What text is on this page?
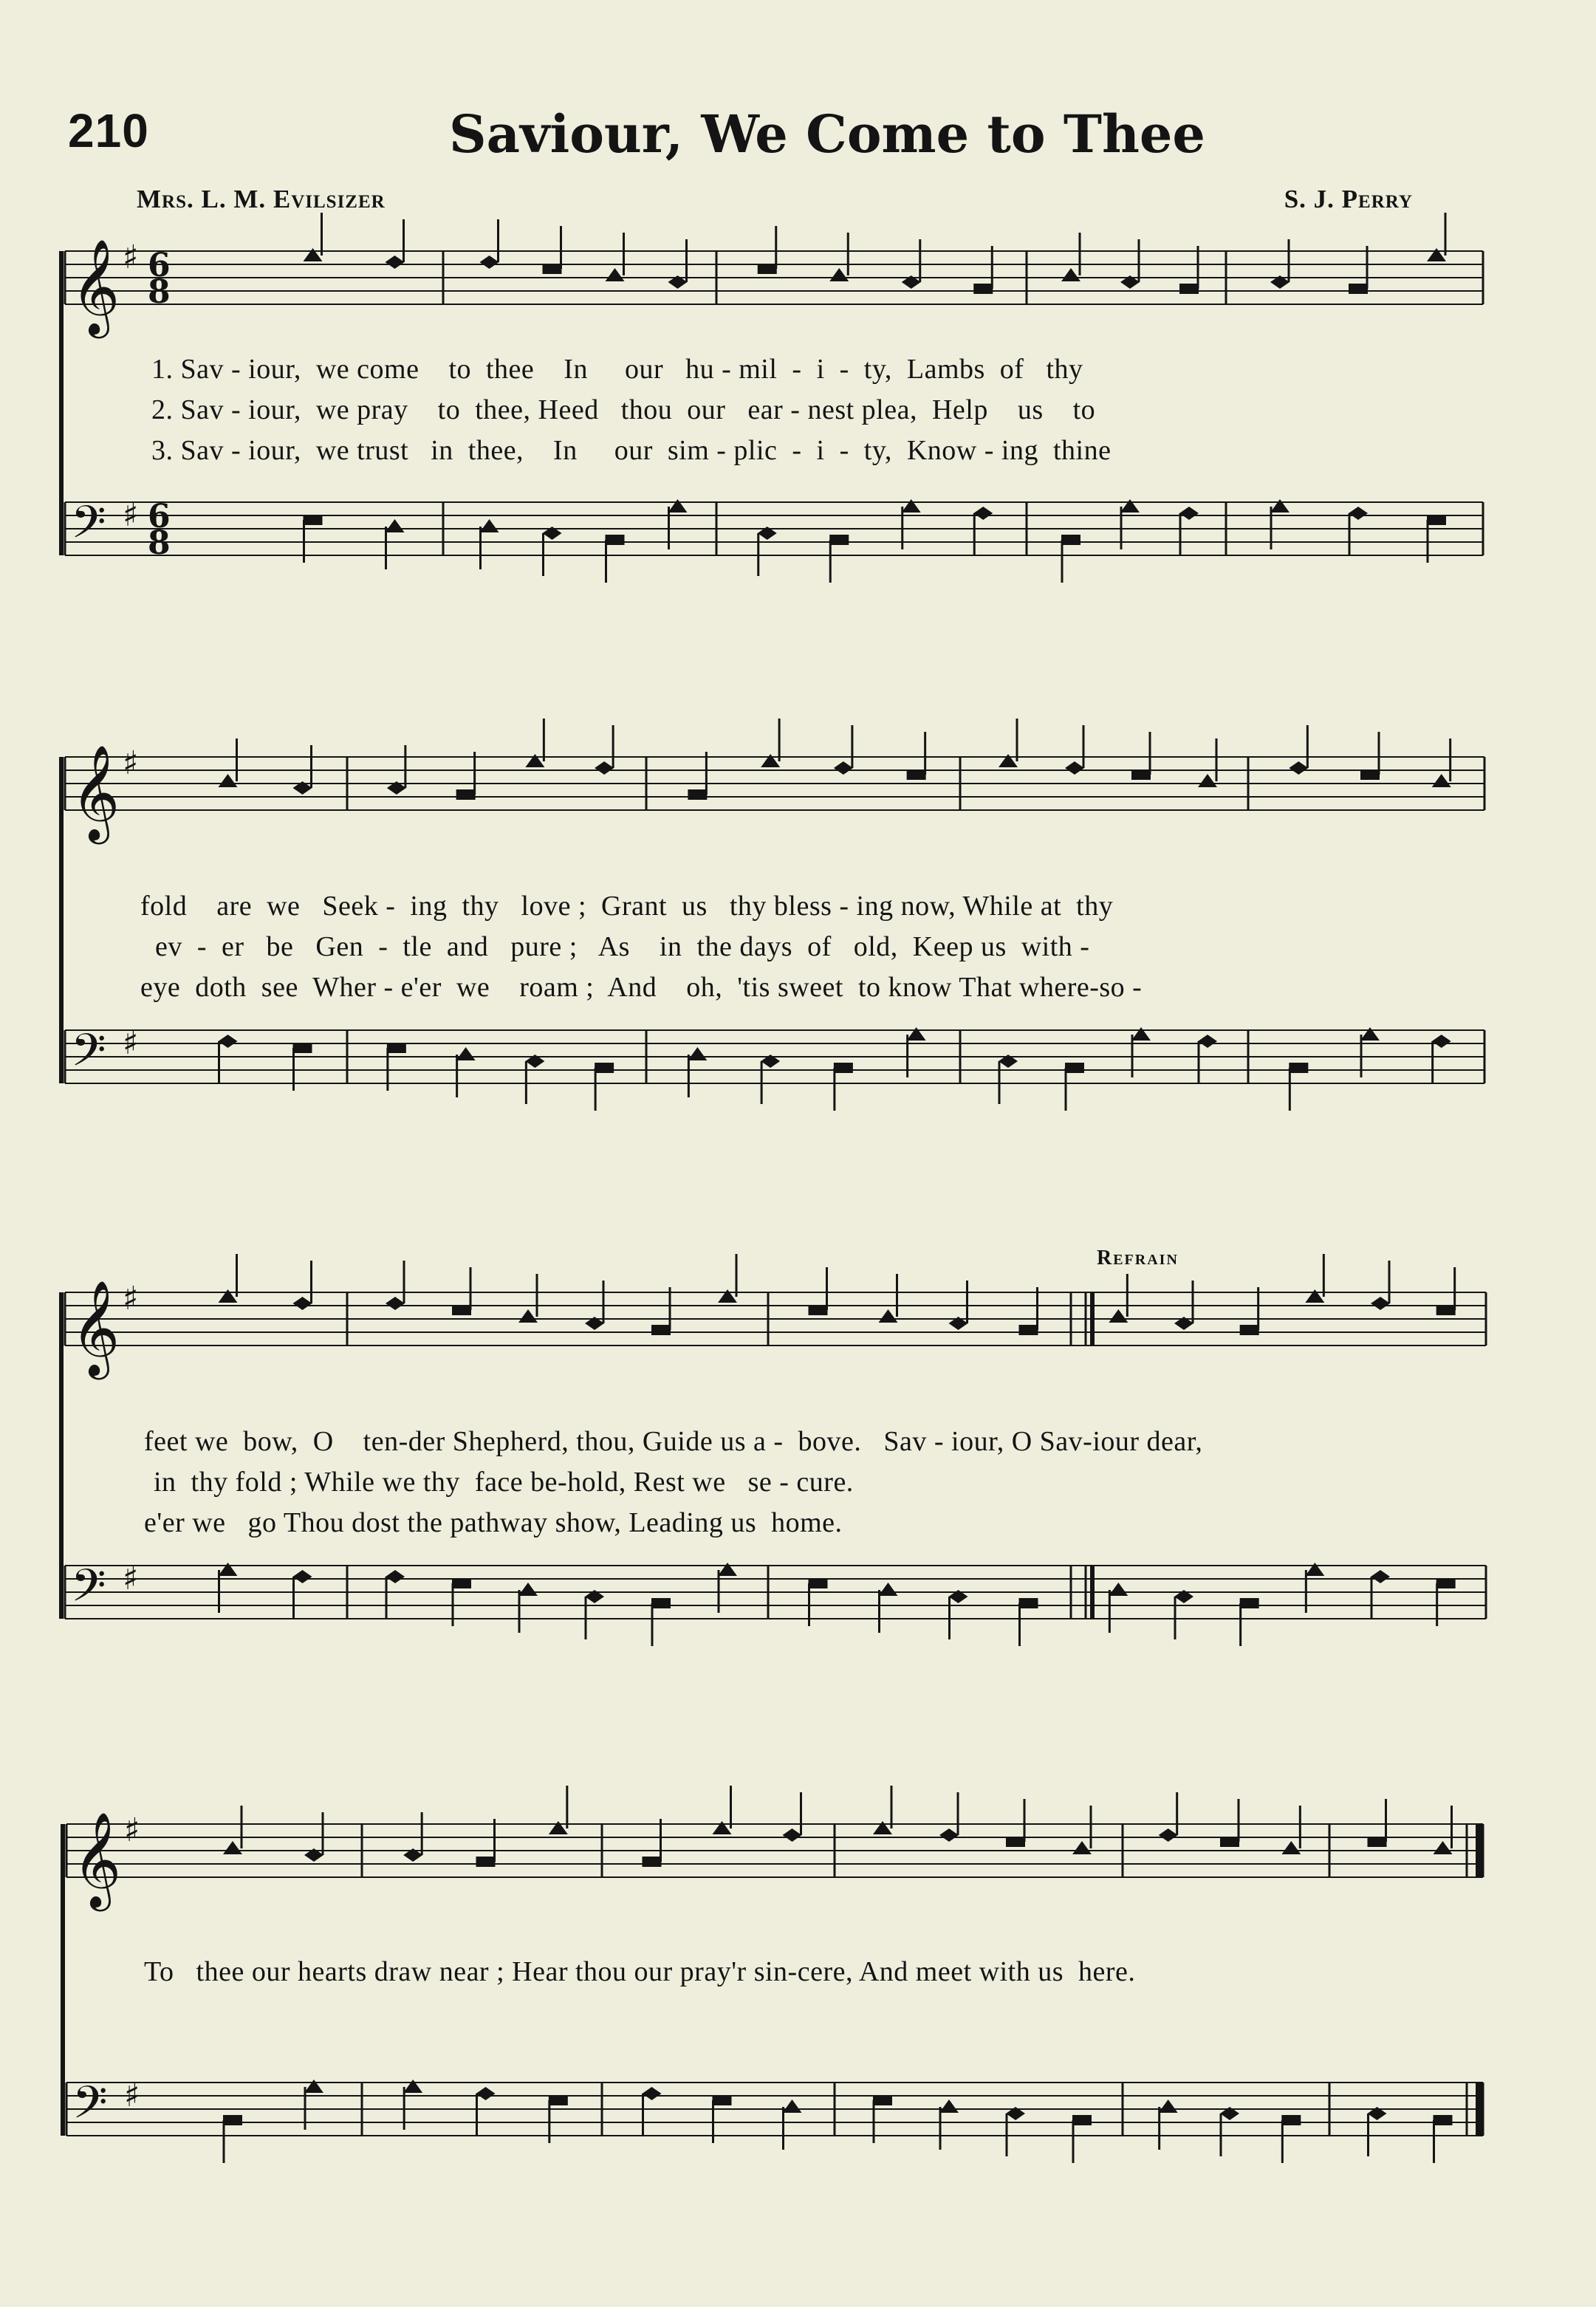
210	Saviour, We Come to Thee
Mrs. L. M. Evilsizer	S. J. Perry
𝄞 ♯ 6
8
𝄢 ♯ 6
8
𝄞 ♯
𝄢 ♯
𝄞 ♯
𝄢 ♯
𝄞 ♯
𝄢 ♯
Refrain
1. Sav - iour,  we come    to  thee    In     our   hu - mil  -  i  -  ty,  Lambs  of   thy
2. Sav - iour,  we pray    to  thee, Heed   thou  our   ear - nest plea,  Help    us    to
3. Sav - iour,  we trust   in  thee,    In     our  sim - plic  -  i  -  ty,  Know - ing  thine
fold    are  we   Seek -  ing  thy   love ;  Grant  us   thy bless - ing now, While at  thy
ev  -  er   be   Gen  -  tle  and   pure ;   As    in  the days  of   old,  Keep us  with -
eye  doth  see  Wher - e'er  we    roam ;  And    oh,  'tis sweet  to know That where-so -
feet we  bow,  O    ten-der Shepherd, thou, Guide us a -  bove.   Sav - iour, O Sav-iour dear,
in  thy fold ; While we thy  face be-hold, Rest we   se - cure.
e'er we   go Thou dost the pathway show, Leading us  home.
To   thee our hearts draw near ; Hear thou our pray'r sin-cere, And meet with us  here.
